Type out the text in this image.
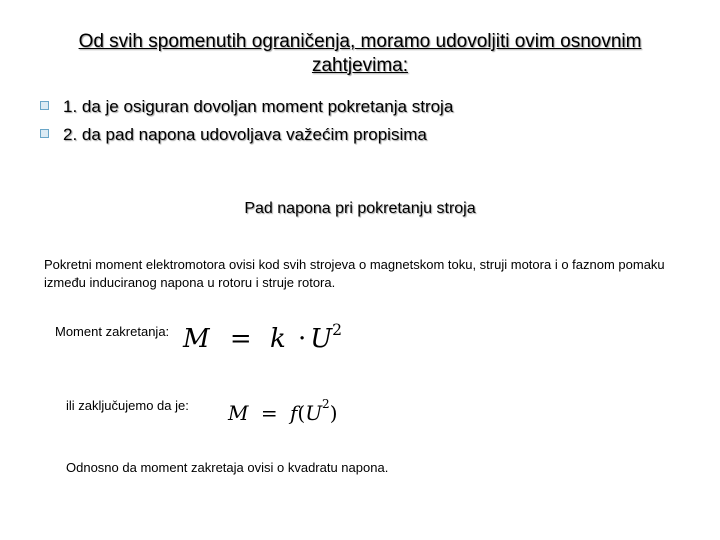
Od svih spomenutih ograničenja, moramo udovoljiti ovim osnovnim
zahtjevima:
1. da je osiguran dovoljan moment pokretanja stroja
2. da pad napona udovoljava važećim propisima
Pad napona pri pokretanju stroja
Pokretni moment elektromotora ovisi kod svih strojeva o magnetskom toku, struji motora i o faznom pomaku između induciranog napona u rotoru i struje rotora.
Moment zakretanja: $M = k \cdot U^2$
ili zaključujemo da je: $M = f(U^2)$
Odnosno da moment zakretaja ovisi o kvadratu napona.
